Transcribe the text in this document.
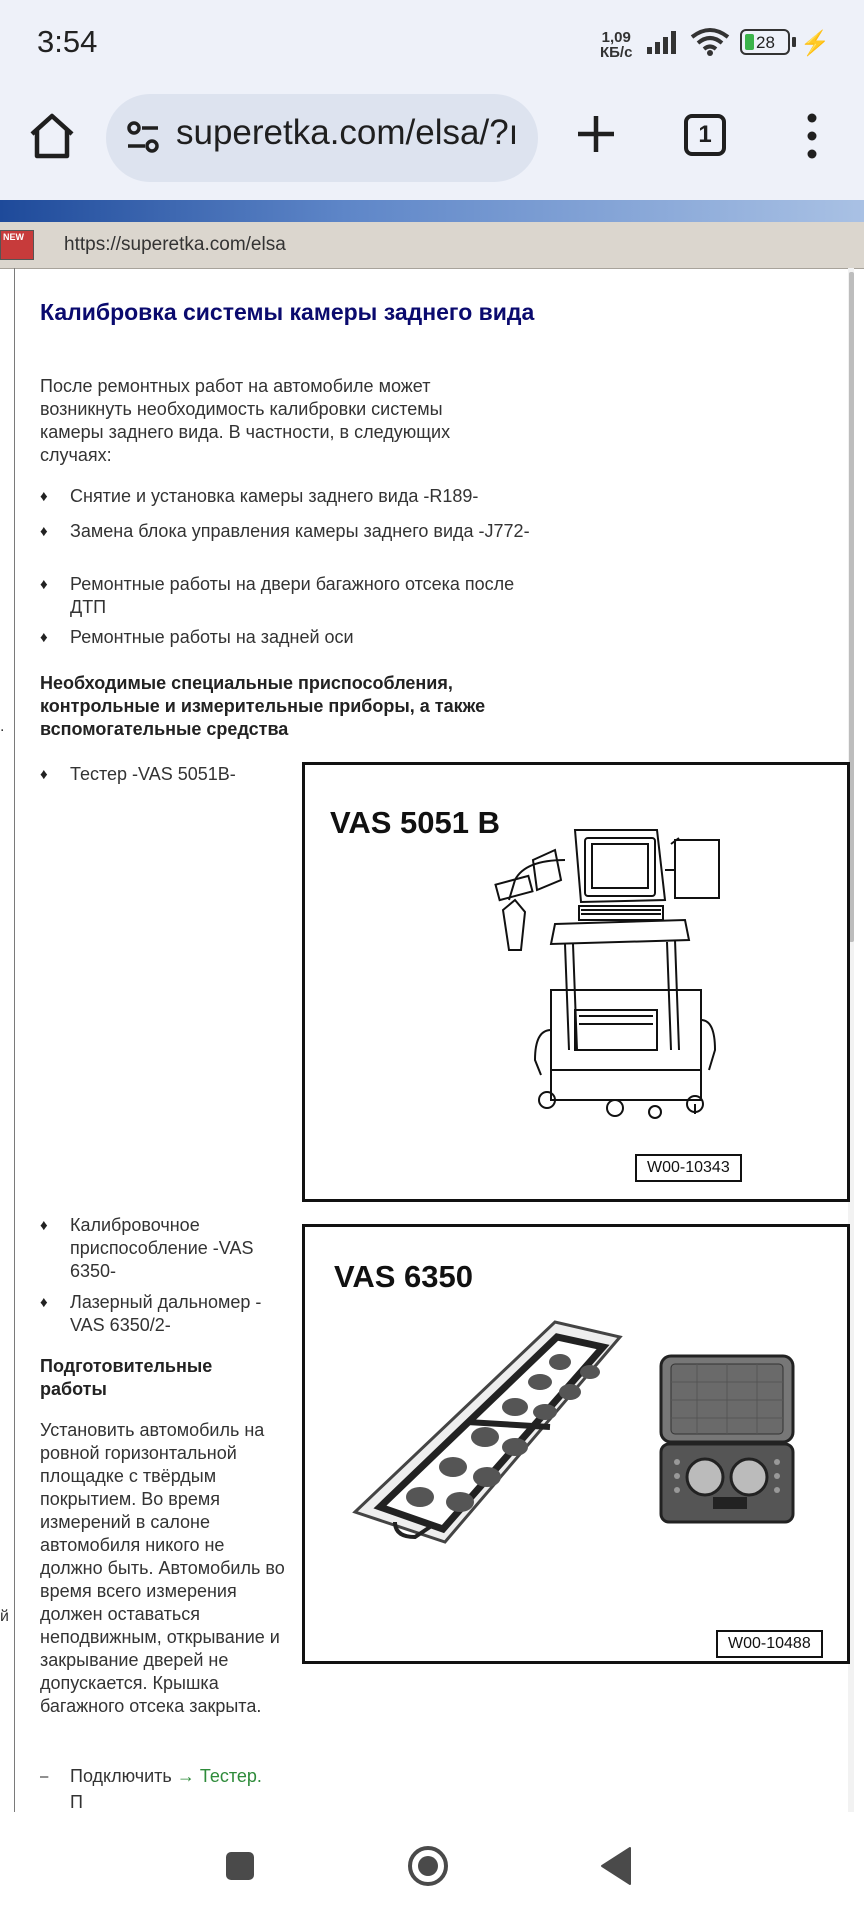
3:54	1,09
КБ/с
28 ⚡
superetka.com/elsa/?ı	1
NEW	https://superetka.com/elsa
.
й
Калибровка системы камеры заднего вида
После ремонтных работ на автомобиле может возникнуть необходимость калибровки системы камеры заднего вида. В частности, в следующих случаях:
♦	Снятие и установка камеры заднего вида -R189-
♦	Замена блока управления камеры заднего вида -J772-
♦	Ремонтные работы на двери багажного отсека после ДТП
♦	Ремонтные работы на задней оси
Необходимые специальные приспособления, контрольные и измерительные приборы, а также вспомогательные средства
♦	Тестер -VAS 5051B-
♦	Калибровочное приспособление -VAS 6350-
♦	Лазерный дальномер -VAS 6350/2-
Подготовительные работы
Установить автомобиль на ровной горизонтальной площадке с твёрдым покрытием. Во время измерений в салоне автомобиля никого не должно быть. Автомобиль во время всего измерения должен оставаться неподвижным, открывание и закрывание дверей не допускается. Крышка багажного отсека закрыта.
–	Подключить → Тестер.
П
VAS 5051 B
W00-10343
VAS 6350
W00-10488
